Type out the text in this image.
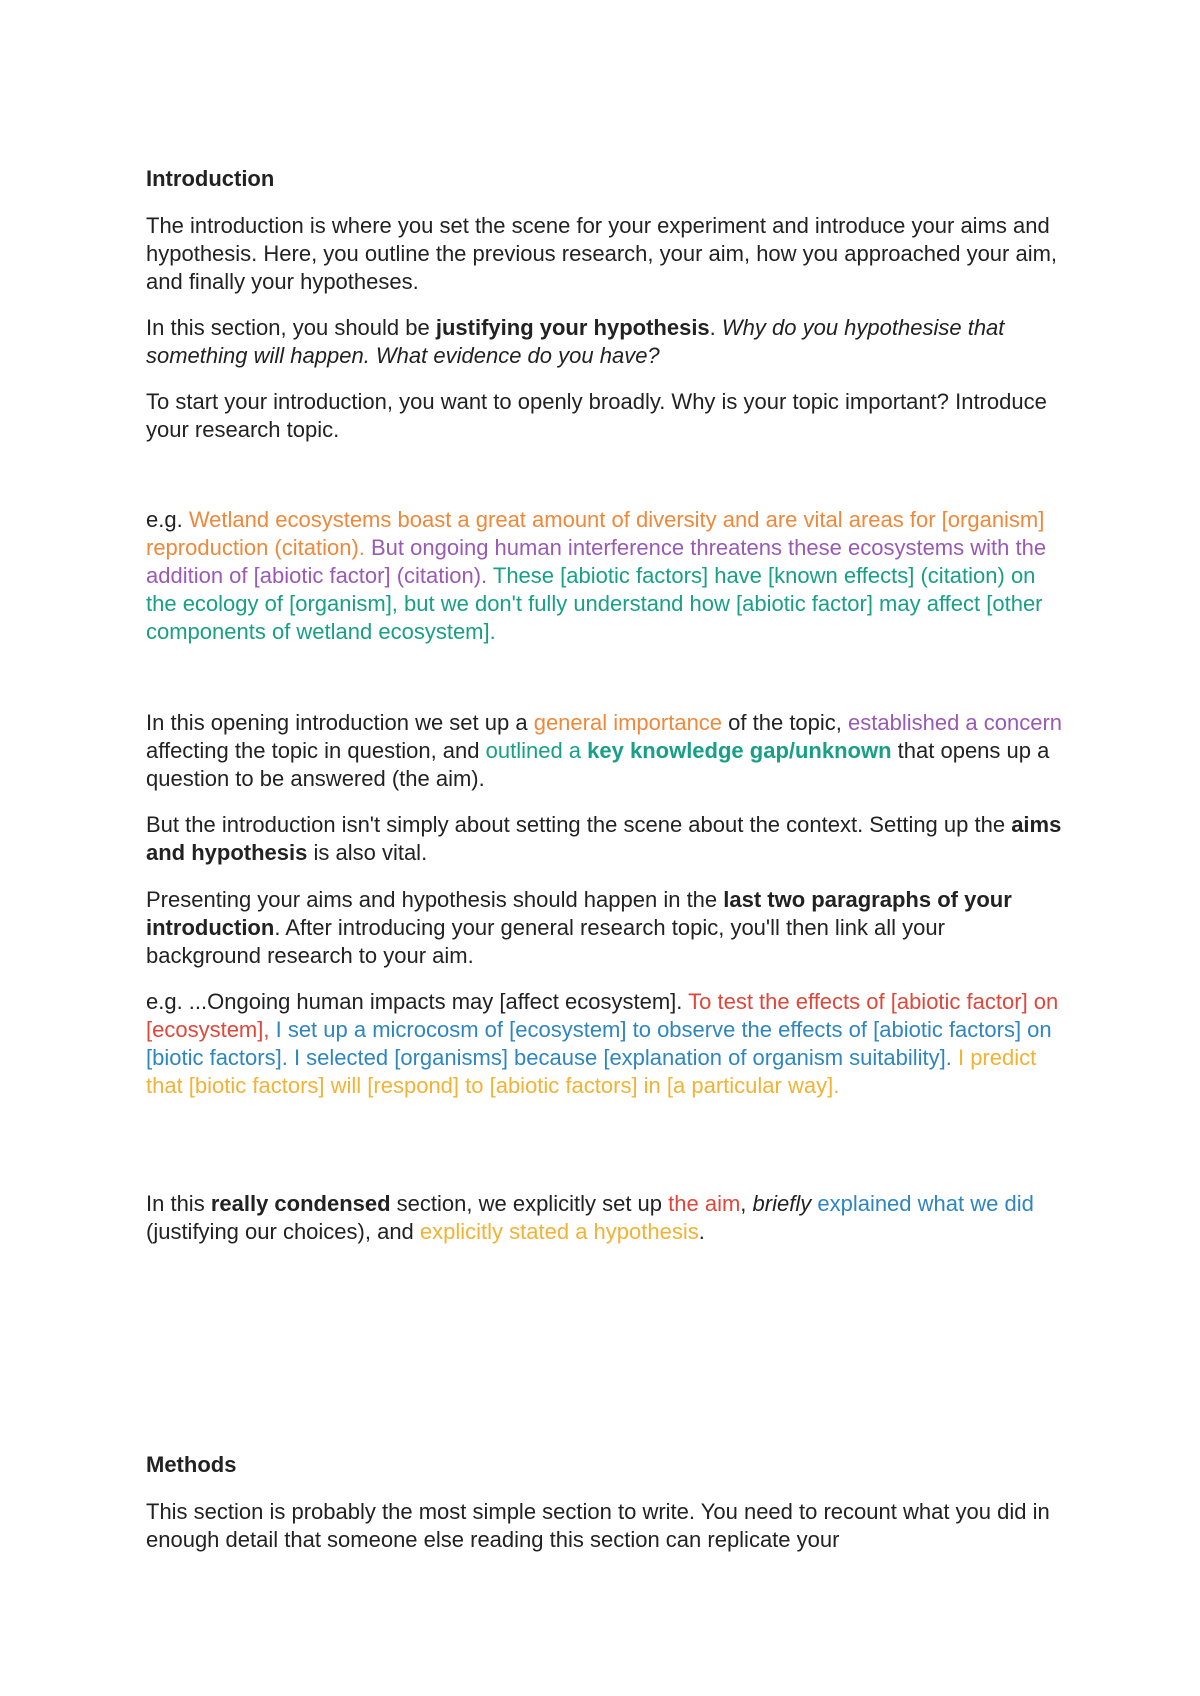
Introduction

The introduction is where you set the scene for your experiment and introduce your aims and hypothesis. Here, you outline the previous research, your aim, how you approached your aim, and finally your hypotheses.

In this section, you should be justifying your hypothesis. Why do you hypothesise that something will happen. What evidence do you have?

To start your introduction, you want to openly broadly. Why is your topic important? Introduce your research topic.

e.g. Wetland ecosystems boast a great amount of diversity and are vital areas for [organism] reproduction (citation). But ongoing human interference threatens these ecosystems with the addition of [abiotic factor] (citation). These [abiotic factors] have [known effects] (citation) on the ecology of [organism], but we don't fully understand how [abiotic factor] may affect [other components of wetland ecosystem].

In this opening introduction we set up a general importance of the topic, established a concern affecting the topic in question, and outlined a key knowledge gap/unknown that opens up a question to be answered (the aim).

But the introduction isn't simply about setting the scene about the context. Setting up the aims and hypothesis is also vital.

Presenting your aims and hypothesis should happen in the last two paragraphs of your introduction. After introducing your general research topic, you'll then link all your background research to your aim.

e.g. ...Ongoing human impacts may [affect ecosystem]. To test the effects of [abiotic factor] on [ecosystem], I set up a microcosm of [ecosystem] to observe the effects of [abiotic factors] on [biotic factors]. I selected [organisms] because [explanation of organism suitability]. I predict that [biotic factors] will [respond] to [abiotic factors] in [a particular way].

In this really condensed section, we explicitly set up the aim, briefly explained what we did (justifying our choices), and explicitly stated a hypothesis.

Methods

This section is probably the most simple section to write. You need to recount what you did in enough detail that someone else reading this section can replicate your
